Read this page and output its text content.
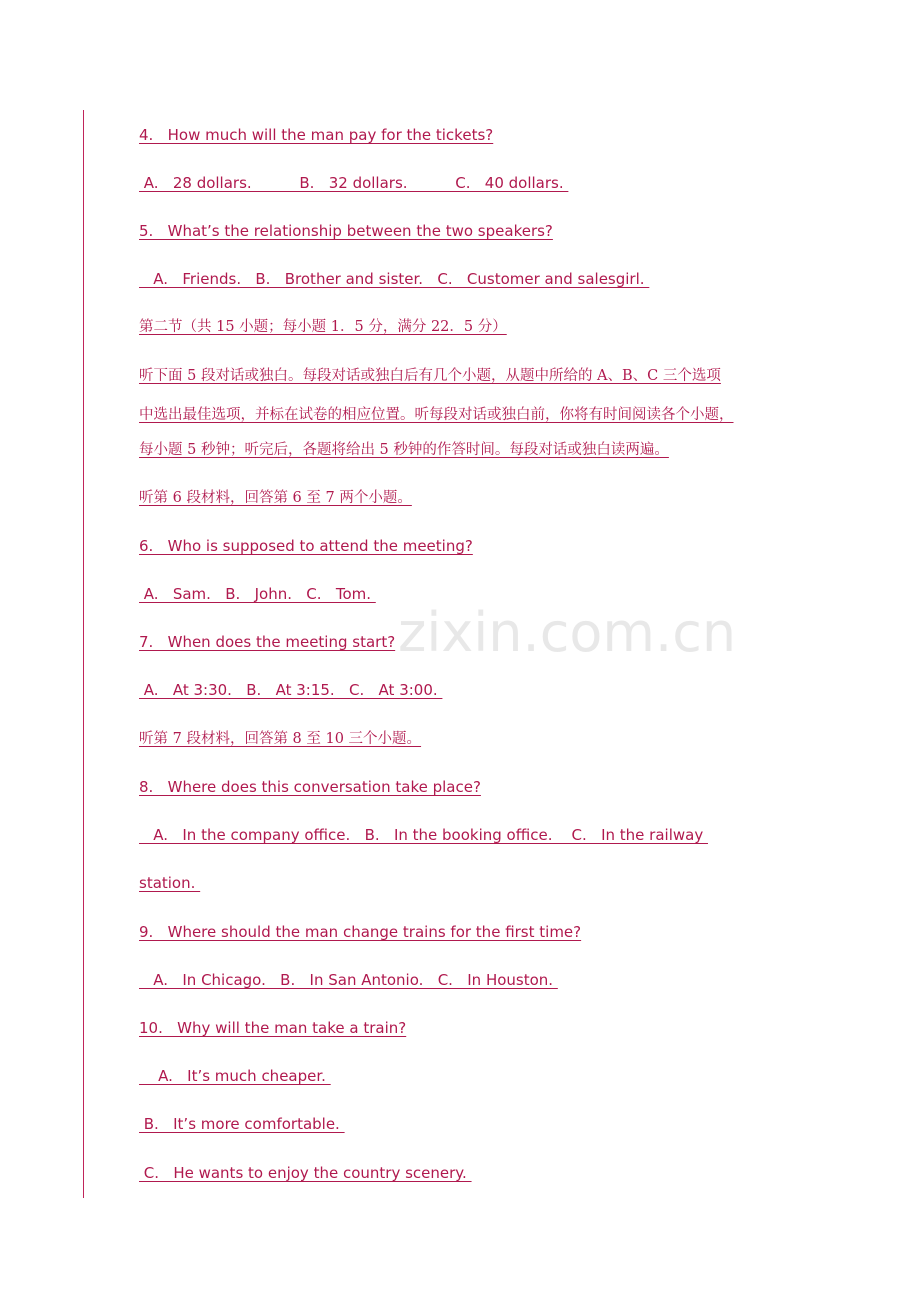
4.   How much will the man pay for the tickets?
A.   28 dollars.          B.   32 dollars.          C.   40 dollars.
5.   What’s the relationship between the two speakers?
A.   Friends.   B.   Brother and sister.   C.   Customer and salesgirl.
第二节（共 15 小题；每小题 1．5 分，满分 22．5 分）
听下面 5 段对话或独白。每段对话或独白后有几个小题，从题中所给的 A、B、C 三个选项
中选出最佳选项，并标在试卷的相应位置。听每段对话或独白前，你将有时间阅读各个小题，
每小题 5 秒钟；听完后，各题将给出 5 秒钟的作答时间。每段对话或独白读两遍。
听第 6 段材料，回答第 6 至 7 两个小题。
6.   Who is supposed to attend the meeting?
A.   Sam.   B.   John.   C.   Tom.
7.   When does the meeting start?
A.   At 3:30.   B.   At 3:15.   C.   At 3:00.
听第 7 段材料，回答第 8 至 10 三个小题。
8.   Where does this conversation take place?
A.   In the company office.   B.   In the booking office.    C.   In the railway
station.
9.   Where should the man change trains for the first time?
A.   In Chicago.   B.   In San Antonio.   C.   In Houston.
10.   Why will the man take a train?
A.   It’s much cheaper.
B.   It’s more comfortable.
C.   He wants to enjoy the country scenery.
zixin.com.cn
